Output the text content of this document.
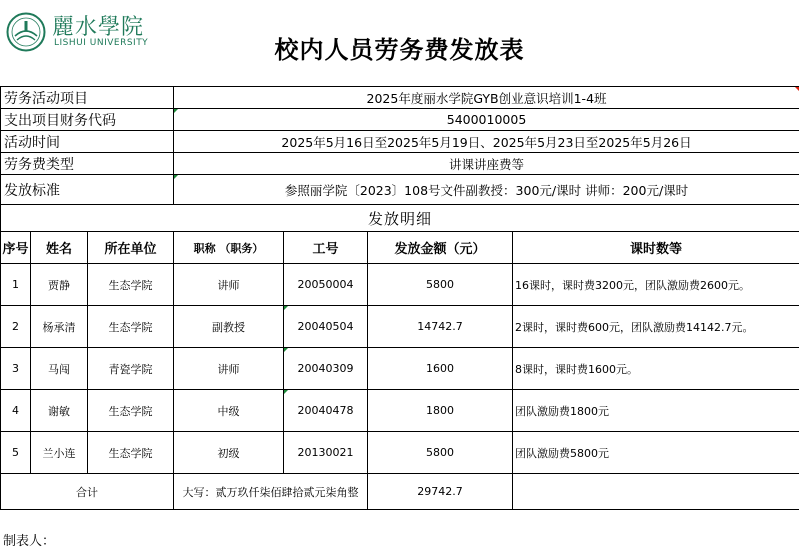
麗水學院
LISHUI UNIVERSITY	校内人员劳务费发放表
劳务活动项目			2025年度丽水学院GYB创业意识培训1-4班			
支出项目财务代码			5400010005			
活动时间			2025年5月16日至2025年5月19日、2025年5月23日至2025年5月26日			
劳务费类型			讲课讲座费等			
发放标准			参照丽学院〔2023〕108号文件副教授：300元/课时 讲师：200元/课时			
发放明细						
序号	姓名	所在单位	职称 （职务）	工号	发放金额（元）	课时数等
1	贾静	生态学院	讲师	20050004	5800	16课时，课时费3200元，团队激励费2600元。
2	杨承清	生态学院	副教授	20040504	14742.7	2课时，课时费600元，团队激励费14142.7元。
3	马闯	青瓷学院	讲师	20040309	1600	8课时，课时费1600元。
4	谢敏	生态学院	中级	20040478	1800	团队激励费1800元
5	兰小连	生态学院	初级	20130021	5800	团队激励费5800元
合计			大写：贰万玖仟柒佰肆拾贰元柒角整		29742.7	
制表人：
